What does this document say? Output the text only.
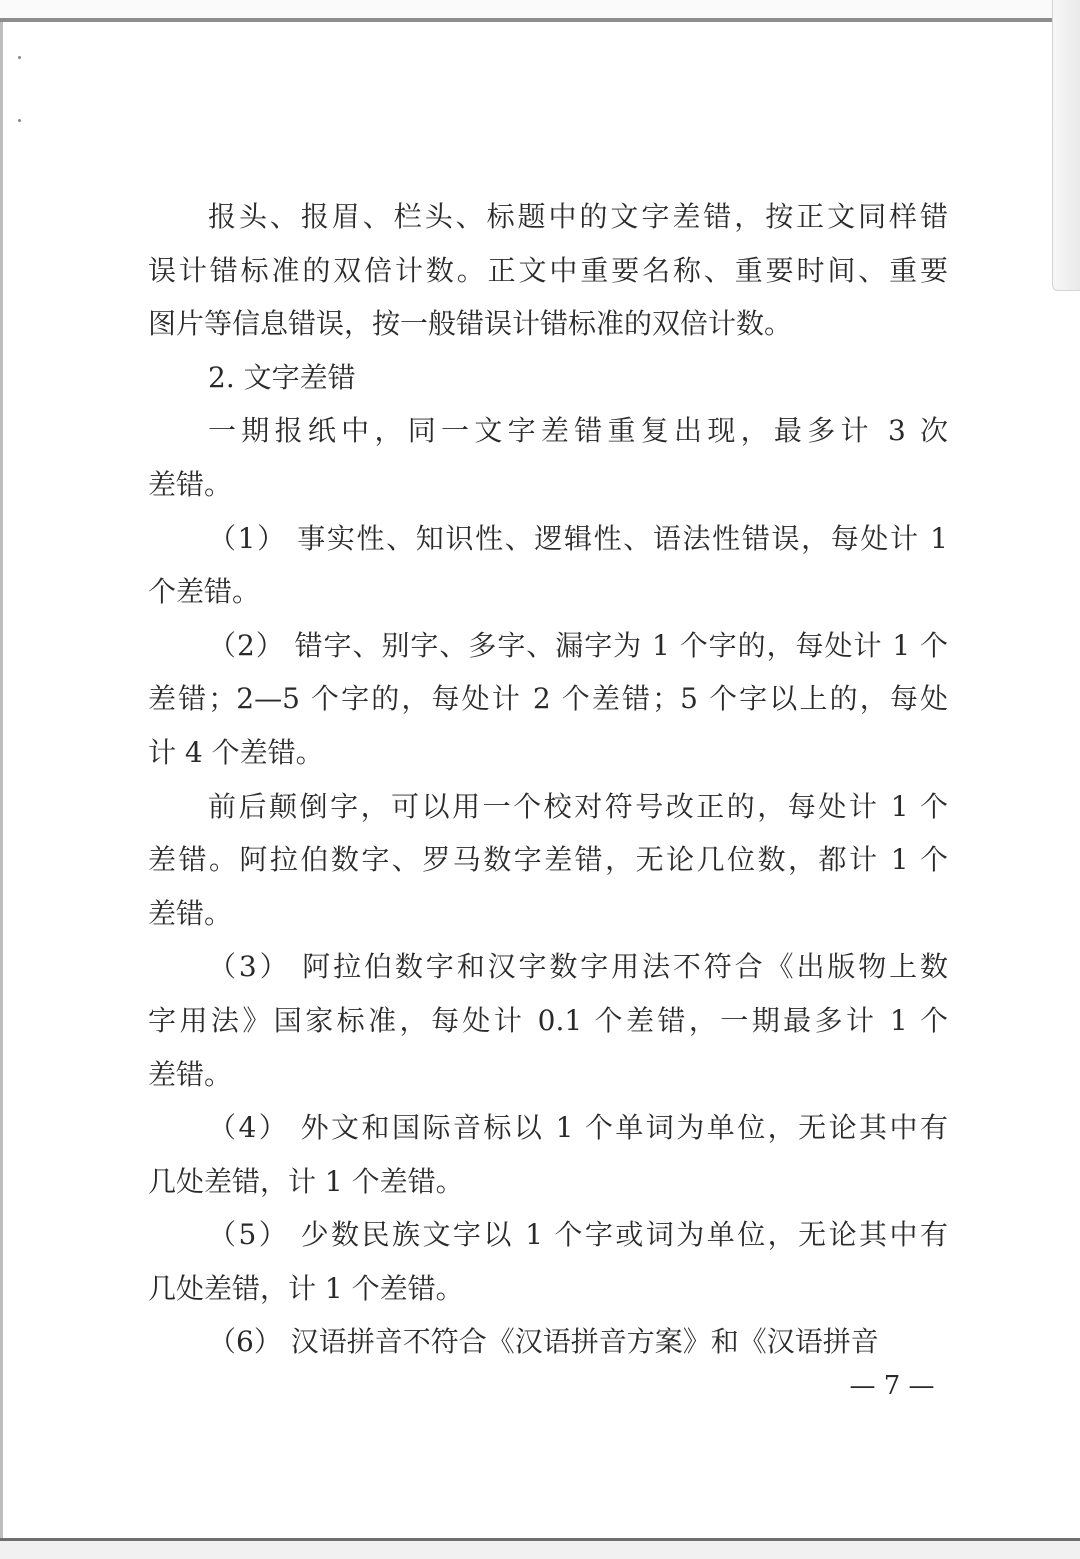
报头、报眉、栏头、标题中的文字差错，按正文同样错
误计错标准的双倍计数。正文中重要名称、重要时间、重要
图片等信息错误，按一般错误计错标准的双倍计数。
2. 文字差错
一期报纸中，同一文字差错重复出现，最多计 3 次
差错。
（1） 事实性、知识性、逻辑性、语法性错误，每处计 1
个差错。
（2） 错字、别字、多字、漏字为 1 个字的，每处计 1 个
差错；2—5 个字的，每处计 2 个差错；5 个字以上的，每处
计 4 个差错。
前后颠倒字，可以用一个校对符号改正的，每处计 1 个
差错。阿拉伯数字、罗马数字差错，无论几位数，都计 1 个
差错。
（3） 阿拉伯数字和汉字数字用法不符合《出版物上数
字用法》国家标准，每处计 0.1 个差错，一期最多计 1 个
差错。
（4） 外文和国际音标以 1 个单词为单位，无论其中有
几处差错，计 1 个差错。
（5） 少数民族文字以 1 个字或词为单位，无论其中有
几处差错，计 1 个差错。
（6） 汉语拼音不符合《汉语拼音方案》和《汉语拼音
— 7 —
